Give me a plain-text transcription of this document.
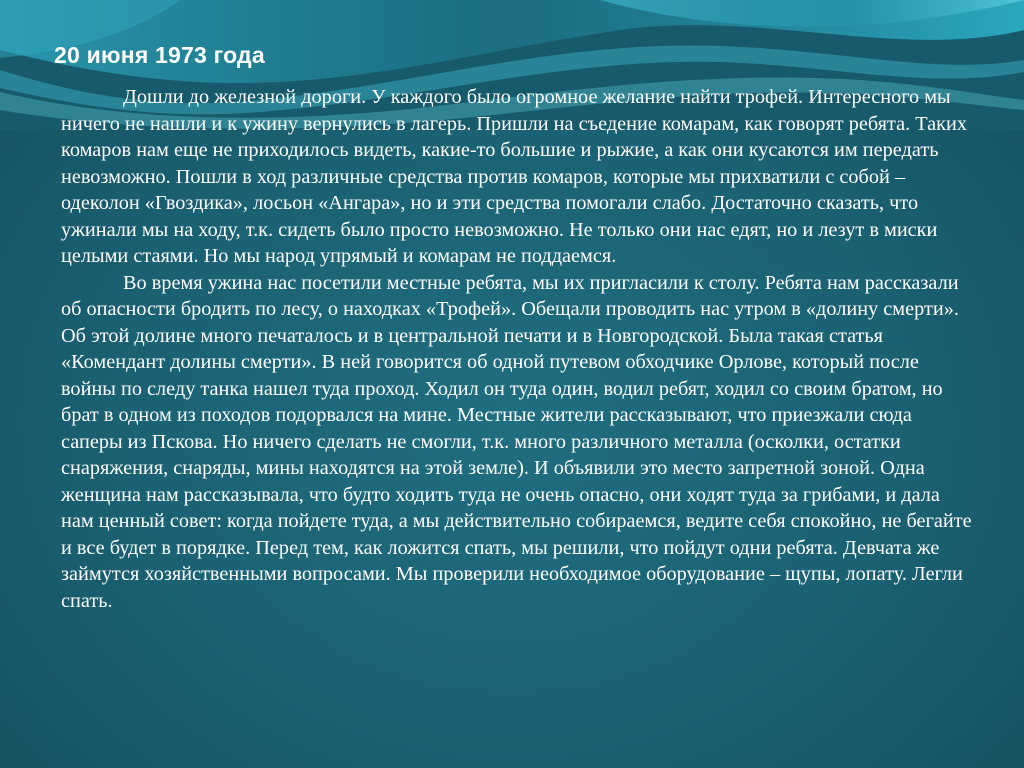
20 июня 1973 года

Дошли до железной дороги. У каждого было огромное желание найти трофей. Интересного мы ничего не нашли и к ужину вернулись в лагерь. Пришли на съедение комарам, как говорят ребята. Таких комаров нам еще не приходилось видеть, какие-то большие и рыжие, а как они кусаются им передать невозможно. Пошли в ход различные средства против комаров, которые мы прихватили с собой – одеколон «Гвоздика», лосьон «Ангара», но и эти средства помогали слабо. Достаточно сказать, что ужинали мы на ходу, т.к. сидеть было просто невозможно. Не только они нас едят, но и лезут в миски целыми стаями. Но мы народ упрямый и комарам не поддаемся.

Во время ужина нас посетили местные ребята, мы их пригласили к столу. Ребята нам рассказали об опасности бродить по лесу, о находках «Трофей». Обещали проводить нас утром в «долину смерти». Об этой долине много печаталось и в центральной печати и в Новгородской. Была такая статья «Комендант долины смерти». В ней говорится об одной путевом обходчике Орлове, который после войны по следу танка нашел туда проход. Ходил он туда один, водил ребят, ходил со своим братом, но брат в одном из походов подорвался на мине. Местные жители рассказывают, что приезжали сюда саперы из Пскова. Но ничего сделать не смогли, т.к. много различного металла (осколки, остатки снаряжения, снаряды, мины находятся на этой земле). И объявили это место запретной зоной. Одна женщина нам рассказывала, что будто ходить туда не очень опасно, они ходят туда за грибами, и дала нам ценный совет: когда пойдете туда, а мы действительно собираемся, ведите себя спокойно, не бегайте и все будет в порядке. Перед тем, как ложится спать, мы решили, что пойдут одни ребята. Девчата же займутся хозяйственными вопросами. Мы проверили необходимое оборудование – щупы, лопату. Легли спать.
